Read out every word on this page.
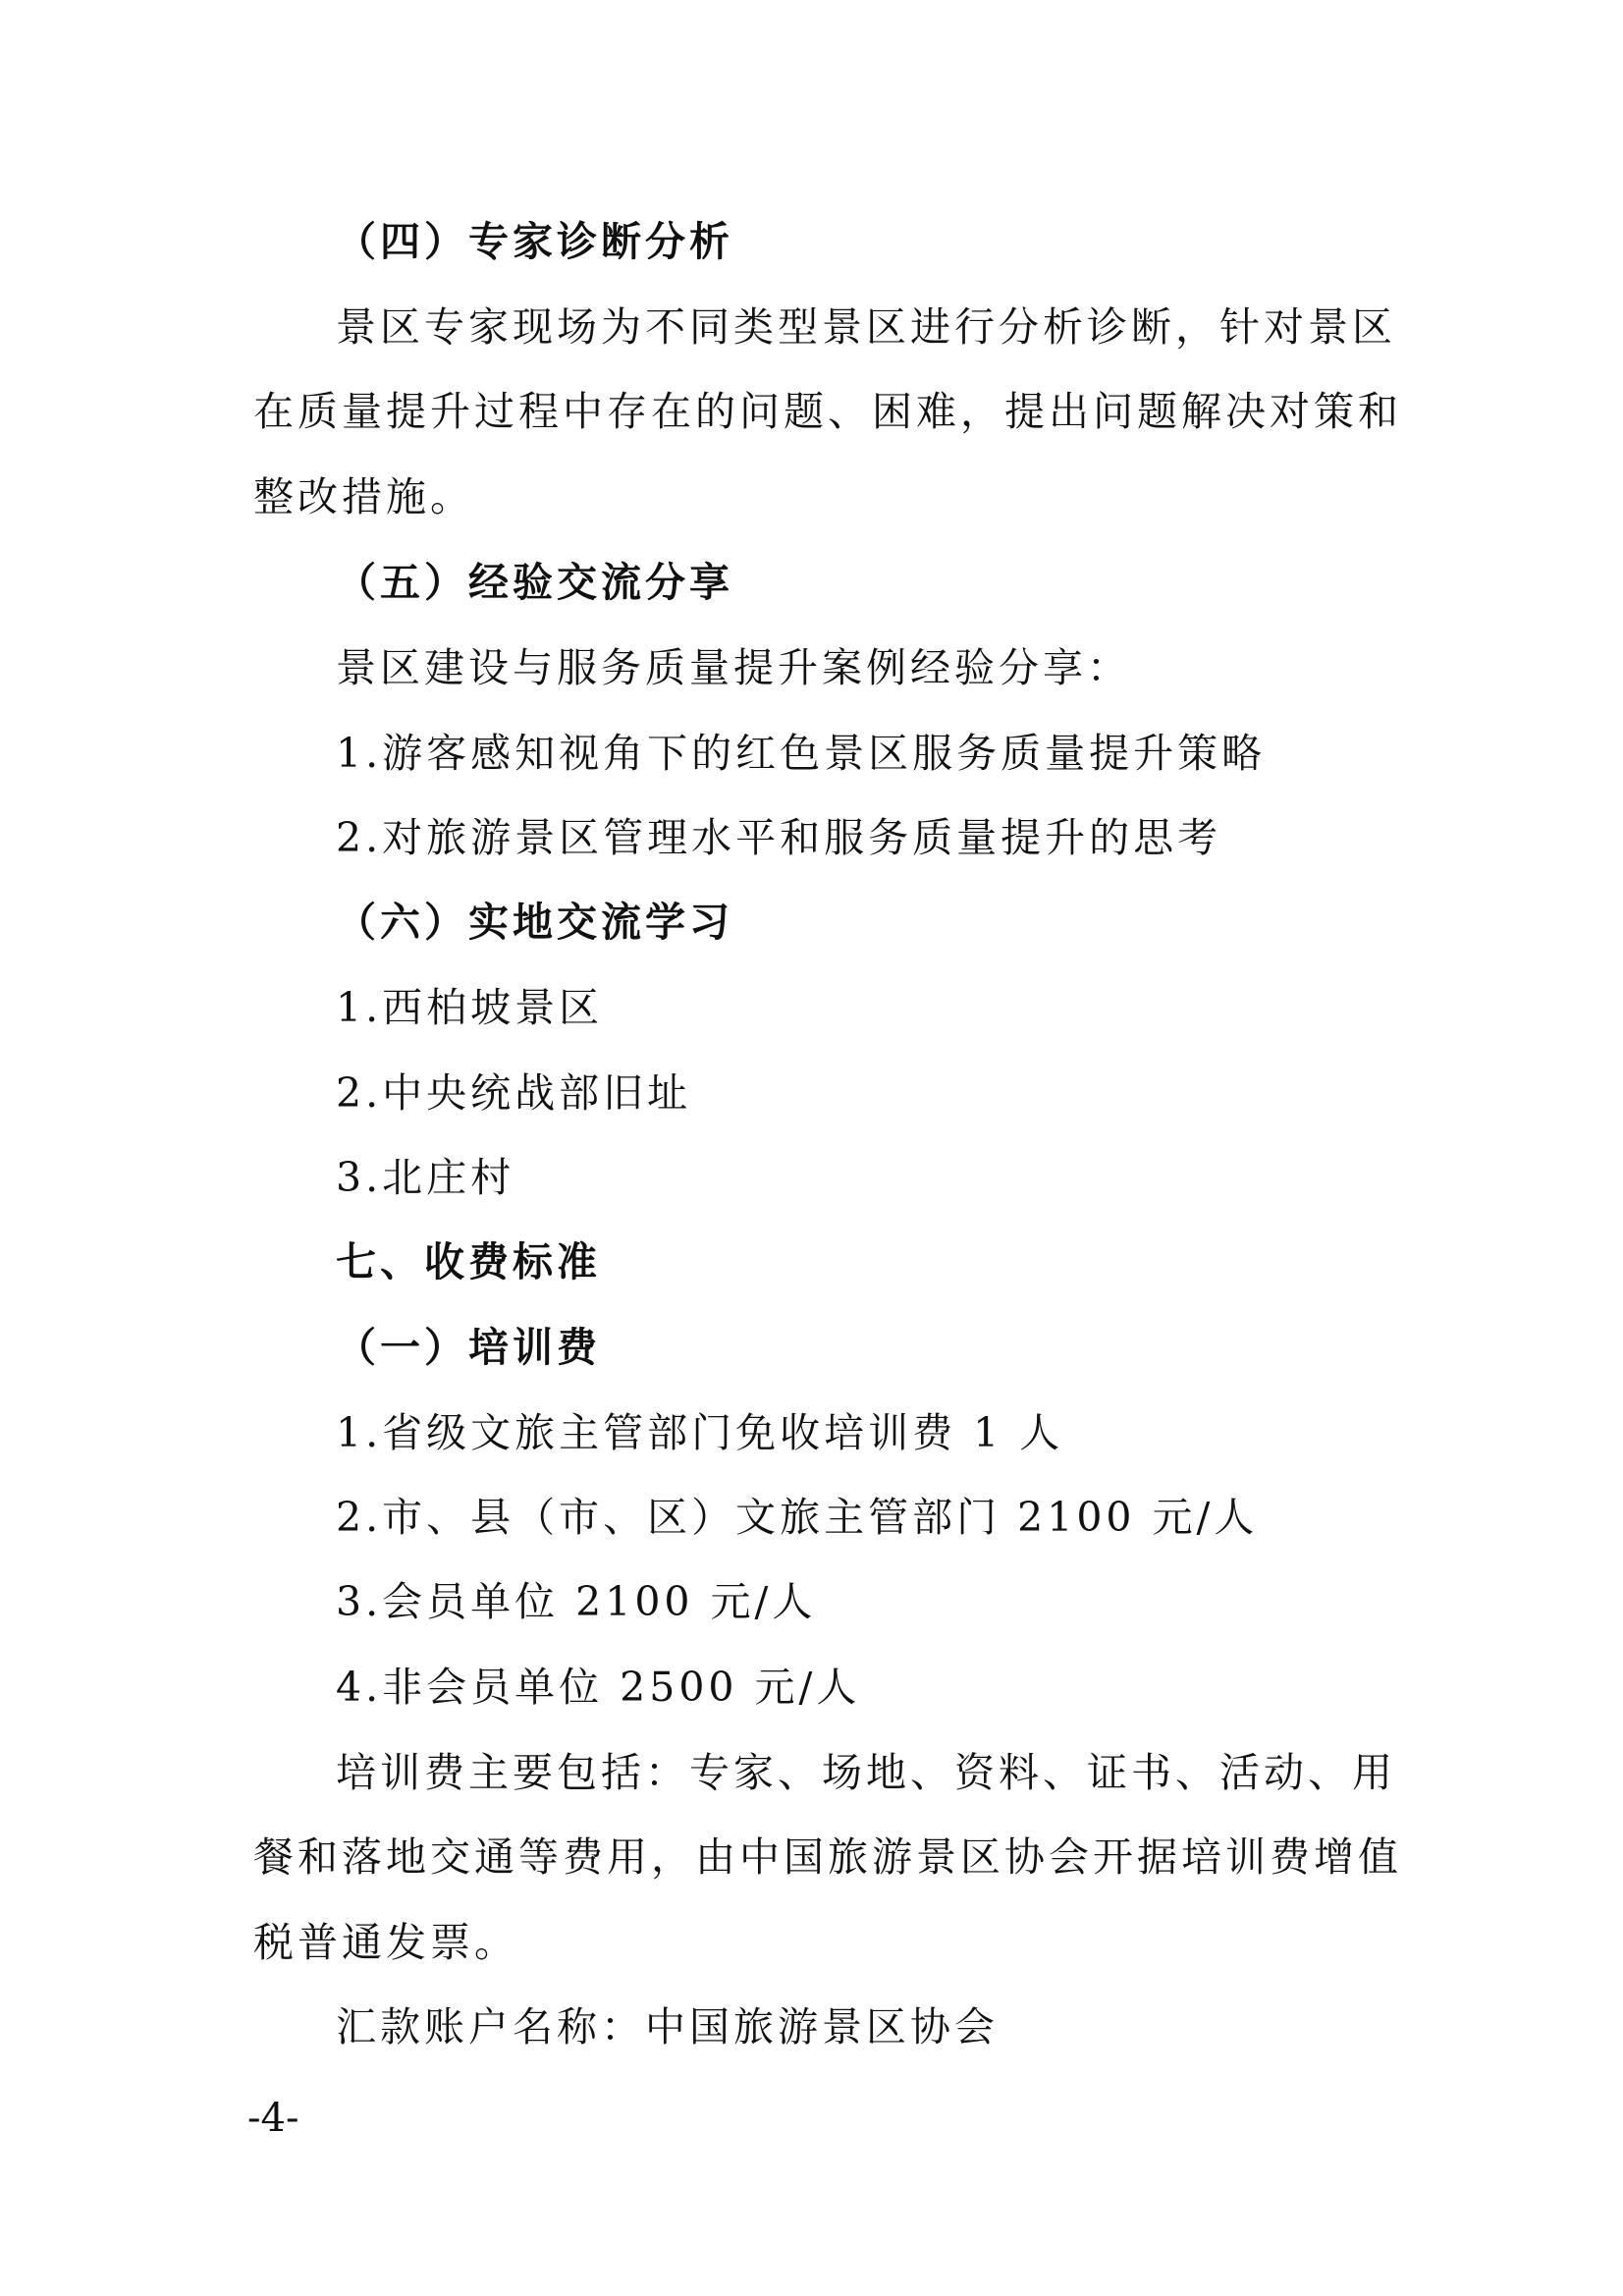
（四）专家诊断分析
景区专家现场为不同类型景区进行分析诊断，针对景区
在质量提升过程中存在的问题、困难，提出问题解决对策和
整改措施。
（五）经验交流分享
景区建设与服务质量提升案例经验分享：
1.游客感知视角下的红色景区服务质量提升策略
2.对旅游景区管理水平和服务质量提升的思考
（六）实地交流学习
1.西柏坡景区
2.中央统战部旧址
3.北庄村
七、收费标准
（一）培训费
1.省级文旅主管部门免收培训费 1 人
2.市、县（市、区）文旅主管部门 2100 元/人
3.会员单位 2100 元/人
4.非会员单位 2500 元/人
培训费主要包括：专家、场地、资料、证书、活动、用
餐和落地交通等费用，由中国旅游景区协会开据培训费增值
税普通发票。
汇款账户名称：中国旅游景区协会
-4-
